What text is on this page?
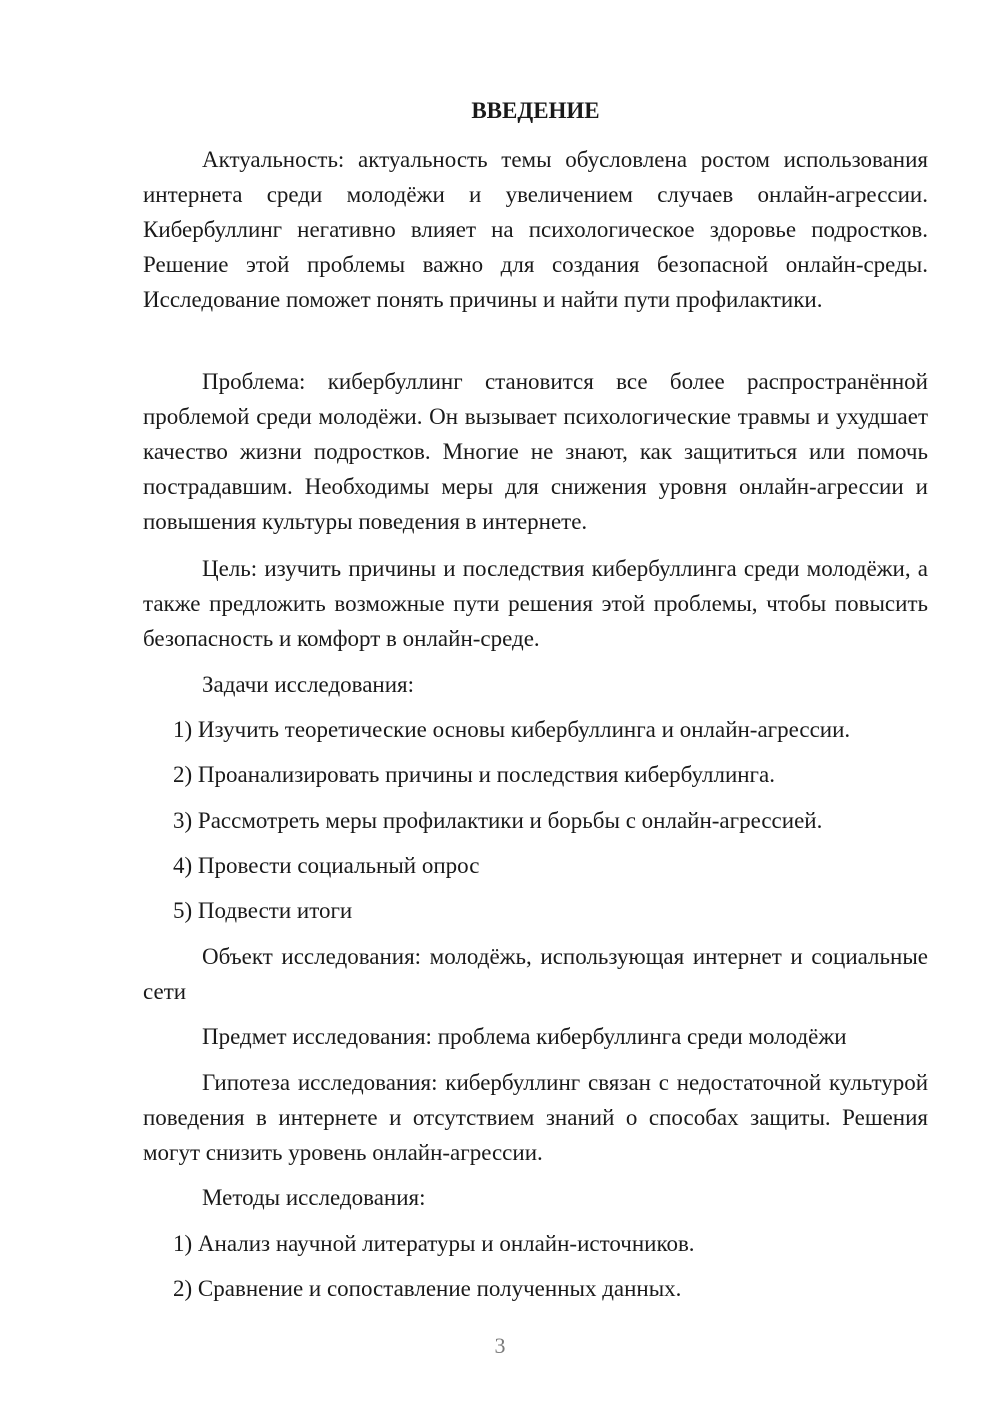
ВВЕДЕНИЕ

Актуальность: актуальность темы обусловлена ростом использования интернета среди молодёжи и увеличением случаев онлайн-агрессии. Кибербуллинг негативно влияет на психологическое здоровье подростков. Решение этой проблемы важно для создания безопасной онлайн-среды. Исследование поможет понять причины и найти пути профилактики.

Проблема: кибербуллинг становится все более распространённой проблемой среди молодёжи. Он вызывает психологические травмы и ухудшает качество жизни подростков. Многие не знают, как защититься или помочь пострадавшим. Необходимы меры для снижения уровня онлайн-агрессии и повышения культуры поведения в интернете.

Цель: изучить причины и последствия кибербуллинга среди молодёжи, а также предложить возможные пути решения этой проблемы, чтобы повысить безопасность и комфорт в онлайн-среде.

Задачи исследования:

1) Изучить теоретические основы кибербуллинга и онлайн-агрессии.

2) Проанализировать причины и последствия кибербуллинга.

3) Рассмотреть меры профилактики и борьбы с онлайн-агрессией.

4) Провести социальный опрос

5) Подвести итоги

Объект исследования: молодёжь, использующая интернет и социальные сети

Предмет исследования: проблема кибербуллинга среди молодёжи

Гипотеза исследования: кибербуллинг связан с недостаточной культурой поведения в интернете и отсутствием знаний о способах защиты. Решения могут снизить уровень онлайн-агрессии.

Методы исследования:

1) Анализ научной литературы и онлайн-источников.

2) Сравнение и сопоставление полученных данных.

3
